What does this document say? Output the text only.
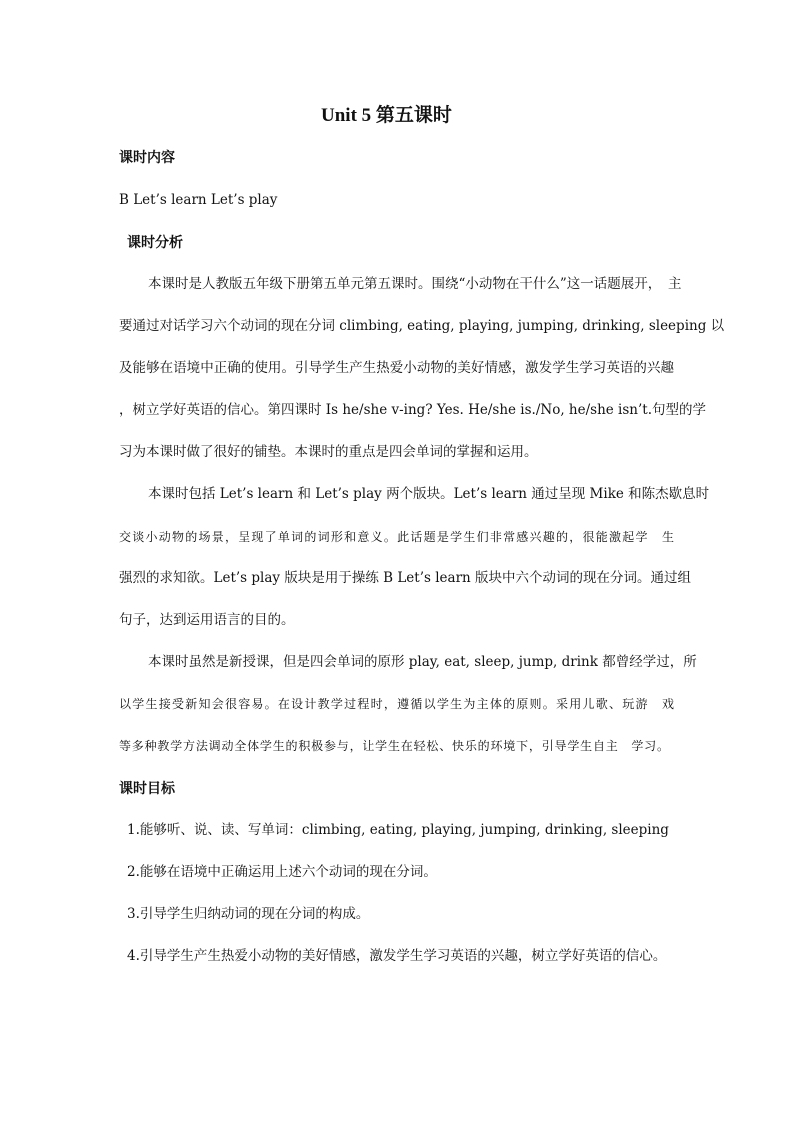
Unit 5 第五课时
课时内容
B Let’s learn Let’s play
课时分析
本课时是人教版五年级下册第五单元第五课时。围绕“小动物在干什么”这一话题展开，　主
要通过对话学习六个动词的现在分词 climbing, eating, playing, jumping, drinking, sleeping 以
及能够在语境中正确的使用。引导学生产生热爱小动物的美好情感，激发学生学习英语的兴趣
，树立学好英语的信心。第四课时 Is he/she v-ing? Yes. He/she is./No, he/she isn’t.句型的学
习为本课时做了很好的铺垫。本课时的重点是四会单词的掌握和运用。
本课时包括 Let’s learn 和 Let’s play 两个版块。Let’s learn 通过呈现 Mike 和陈杰歇息时
交谈小动物的场景，呈现了单词的词形和意义。此话题是学生们非常感兴趣的，很能激起学　生
强烈的求知欲。Let’s play 版块是用于操练 B Let’s learn 版块中六个动词的现在分词。通过组
句子，达到运用语言的目的。
本课时虽然是新授课，但是四会单词的原形 play, eat, sleep, jump, drink 都曾经学过，所
以学生接受新知会很容易。在设计教学过程时，遵循以学生为主体的原则。采用儿歌、玩游　戏
等多种教学方法调动全体学生的积极参与，让学生在轻松、快乐的环境下，引导学生自主　学习。
课时目标
1.能够听、说、读、写单词：climbing, eating, playing, jumping, drinking, sleeping
2.能够在语境中正确运用上述六个动词的现在分词。
3.引导学生归纳动词的现在分词的构成。
4.引导学生产生热爱小动物的美好情感，激发学生学习英语的兴趣，树立学好英语的信心。
